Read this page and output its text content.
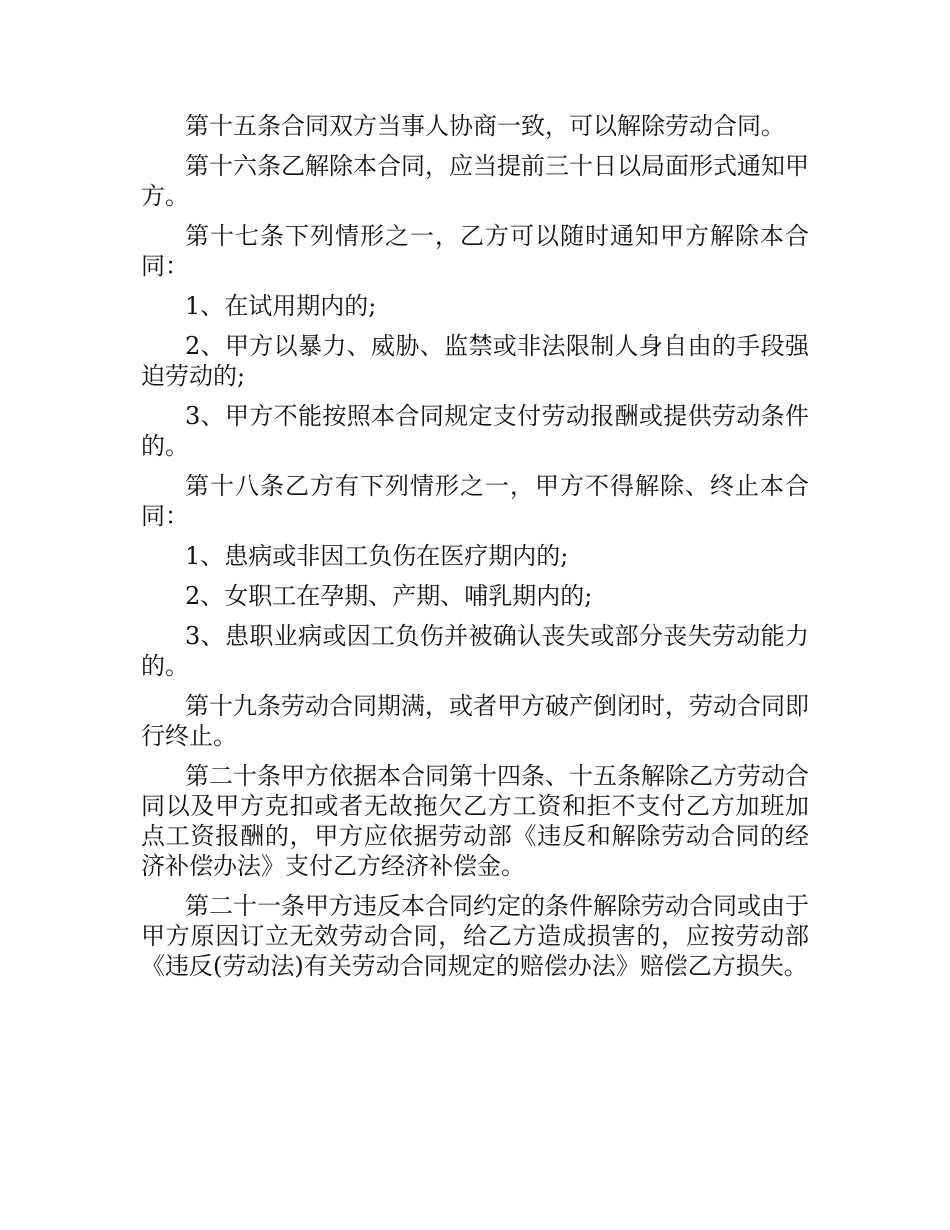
第十五条合同双方当事人协商一致，可以解除劳动合同。

第十六条乙解除本合同，应当提前三十日以局面形式通知甲方。

第十七条下列情形之一，乙方可以随时通知甲方解除本合同：

1、在试用期内的;

2、甲方以暴力、威胁、监禁或非法限制人身自由的手段强迫劳动的;

3、甲方不能按照本合同规定支付劳动报酬或提供劳动条件的。

第十八条乙方有下列情形之一，甲方不得解除、终止本合同：

1、患病或非因工负伤在医疗期内的;

2、女职工在孕期、产期、哺乳期内的;

3、患职业病或因工负伤并被确认丧失或部分丧失劳动能力的。

第十九条劳动合同期满，或者甲方破产倒闭时，劳动合同即行终止。

第二十条甲方依据本合同第十四条、十五条解除乙方劳动合同以及甲方克扣或者无故拖欠乙方工资和拒不支付乙方加班加点工资报酬的，甲方应依据劳动部《违反和解除劳动合同的经济补偿办法》支付乙方经济补偿金。

第二十一条甲方违反本合同约定的条件解除劳动合同或由于甲方原因订立无效劳动合同，给乙方造成损害的，应按劳动部《违反(劳动法)有关劳动合同规定的赔偿办法》赔偿乙方损失。
